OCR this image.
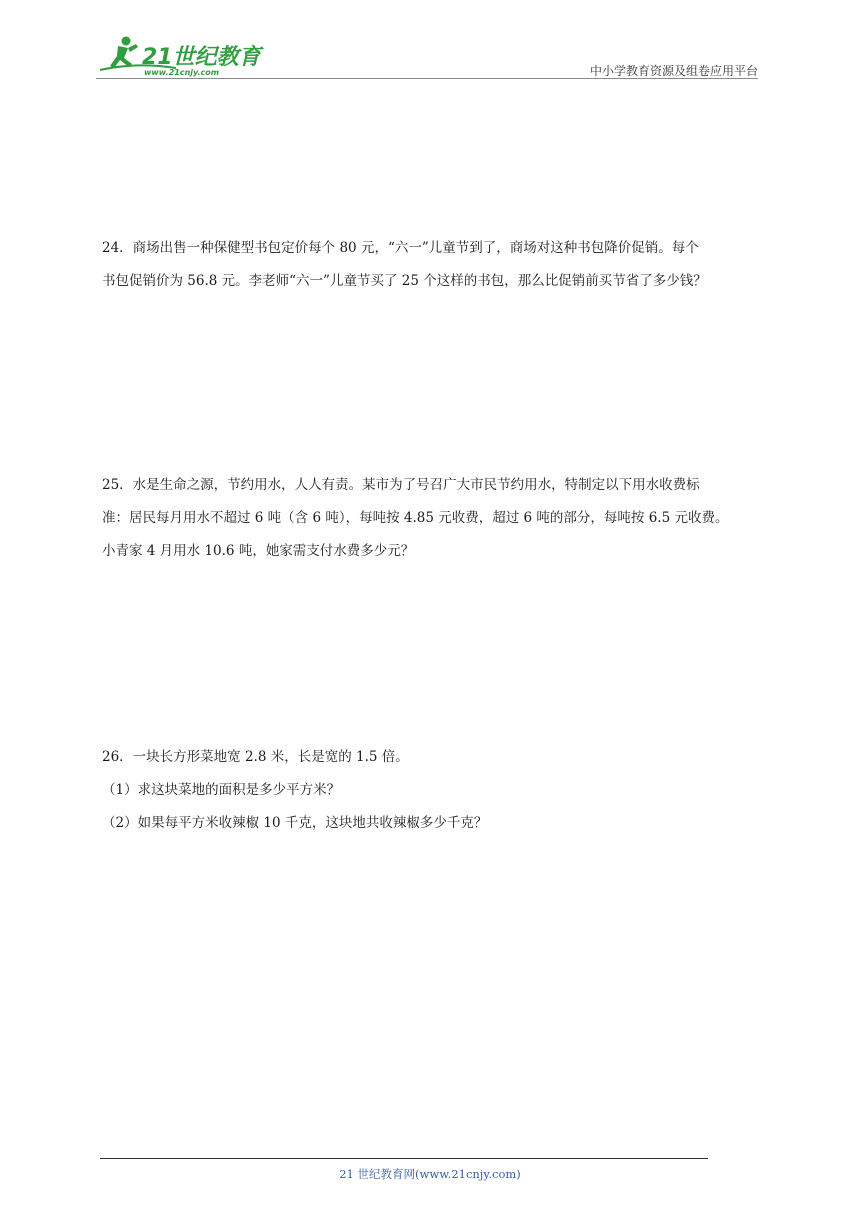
21世纪教育
www.21cnjy.com	中小学教育资源及组卷应用平台

24．商场出售一种保健型书包定价每个 80 元，“六一”儿童节到了，商场对这种书包降价促销。每个

书包促销价为 56.8 元。李老师“六一”儿童节买了 25 个这样的书包，那么比促销前买节省了多少钱？

25．水是生命之源，节约用水，人人有责。某市为了号召广大市民节约用水，特制定以下用水收费标

准：居民每月用水不超过 6 吨（含 6 吨），每吨按 4.85 元收费，超过 6 吨的部分，每吨按 6.5 元收费。

小青家 4 月用水 10.6 吨，她家需支付水费多少元？

26．一块长方形菜地宽 2.8 米，长是宽的 1.5 倍。

（1）求这块菜地的面积是多少平方米？

（2）如果每平方米收辣椒 10 千克，这块地共收辣椒多少千克？

21 世纪教育网(www.21cnjy.com)
